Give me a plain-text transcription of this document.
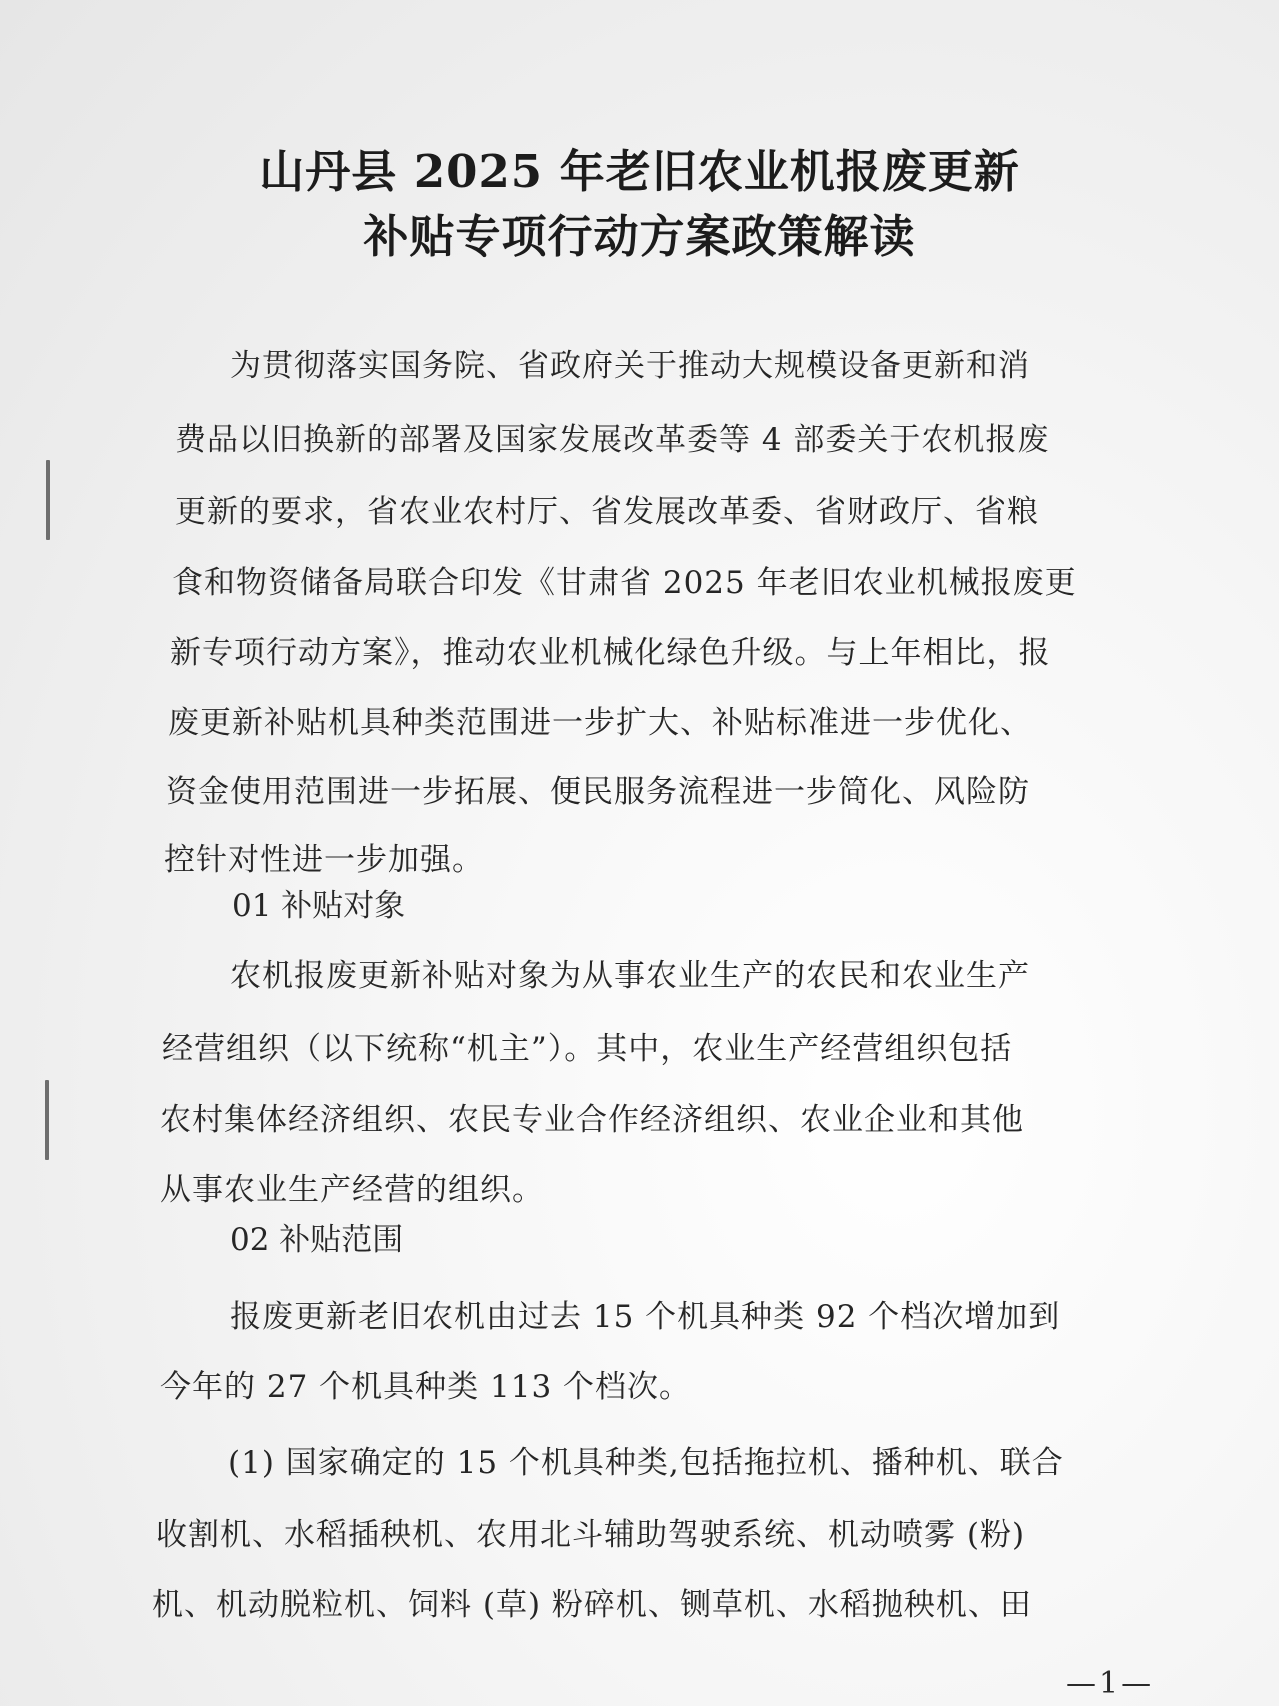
山丹县 2025 年老旧农业机报废更新
补贴专项行动方案政策解读
为贯彻落实国务院、省政府关于推动大规模设备更新和消
费品以旧换新的部署及国家发展改革委等 4 部委关于农机报废
更新的要求，省农业农村厅、省发展改革委、省财政厅、省粮
食和物资储备局联合印发《甘肃省 2025 年老旧农业机械报废更
新专项行动方案》，推动农业机械化绿色升级。与上年相比，报
废更新补贴机具种类范围进一步扩大、补贴标准进一步优化、
资金使用范围进一步拓展、便民服务流程进一步简化、风险防
控针对性进一步加强。
01 补贴对象
农机报废更新补贴对象为从事农业生产的农民和农业生产
经营组织（以下统称“机主”）。其中，农业生产经营组织包括
农村集体经济组织、农民专业合作经济组织、农业企业和其他
从事农业生产经营的组织。
02 补贴范围
报废更新老旧农机由过去 15 个机具种类 92 个档次增加到
今年的 27 个机具种类 113 个档次。
(1) 国家确定的 15 个机具种类,包括拖拉机、播种机、联合
收割机、水稻插秧机、农用北斗辅助驾驶系统、机动喷雾 (粉)
机、机动脱粒机、饲料 (草) 粉碎机、铡草机、水稻抛秧机、田
—1—
